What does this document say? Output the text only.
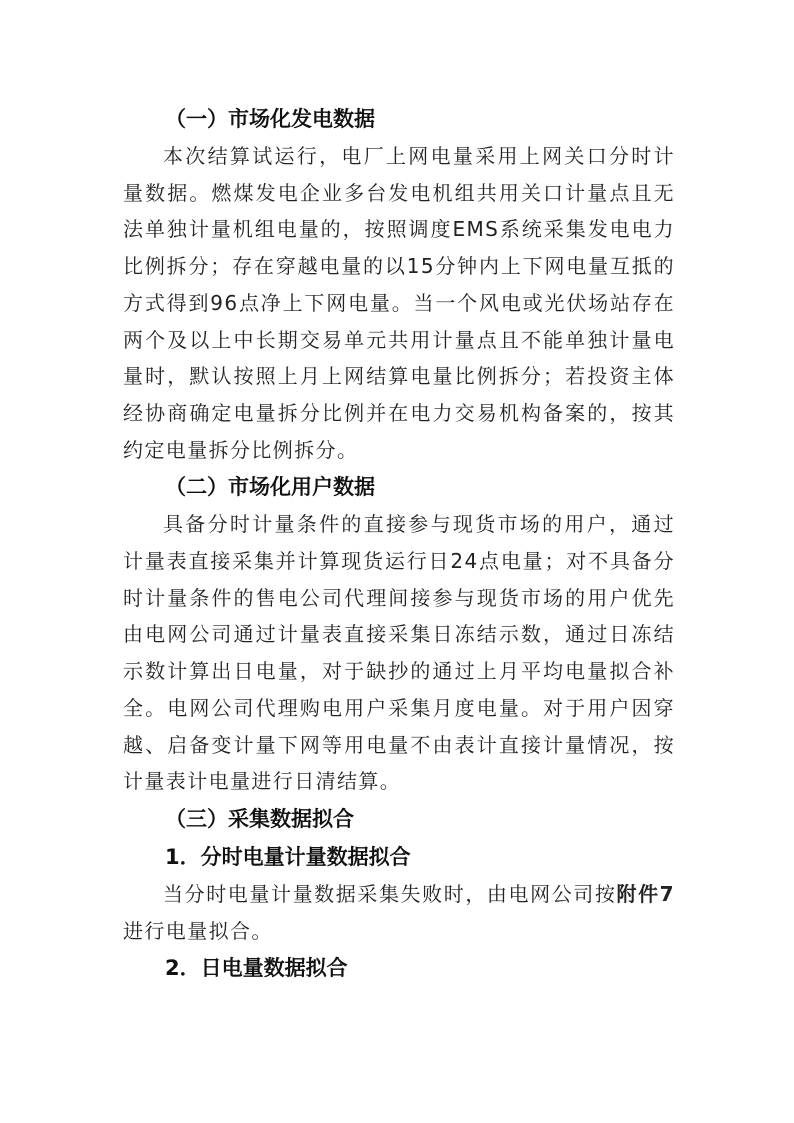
（一）市场化发电数据

本次结算试运行，电厂上网电量采用上网关口分时计量数据。燃煤发电企业多台发电机组共用关口计量点且无法单独计量机组电量的，按照调度EMS系统采集发电电力比例拆分；存在穿越电量的以15分钟内上下网电量互抵的方式得到96点净上下网电量。当一个风电或光伏场站存在两个及以上中长期交易单元共用计量点且不能单独计量电量时，默认按照上月上网结算电量比例拆分；若投资主体经协商确定电量拆分比例并在电力交易机构备案的，按其约定电量拆分比例拆分。

（二）市场化用户数据

具备分时计量条件的直接参与现货市场的用户，通过计量表直接采集并计算现货运行日24点电量；对不具备分时计量条件的售电公司代理间接参与现货市场的用户优先由电网公司通过计量表直接采集日冻结示数，通过日冻结示数计算出日电量，对于缺抄的通过上月平均电量拟合补全。电网公司代理购电用户采集月度电量。对于用户因穿越、启备变计量下网等用电量不由表计直接计量情况，按计量表计电量进行日清结算。

（三）采集数据拟合

1．分时电量计量数据拟合

当分时电量计量数据采集失败时，由电网公司按附件7进行电量拟合。

2．日电量数据拟合
